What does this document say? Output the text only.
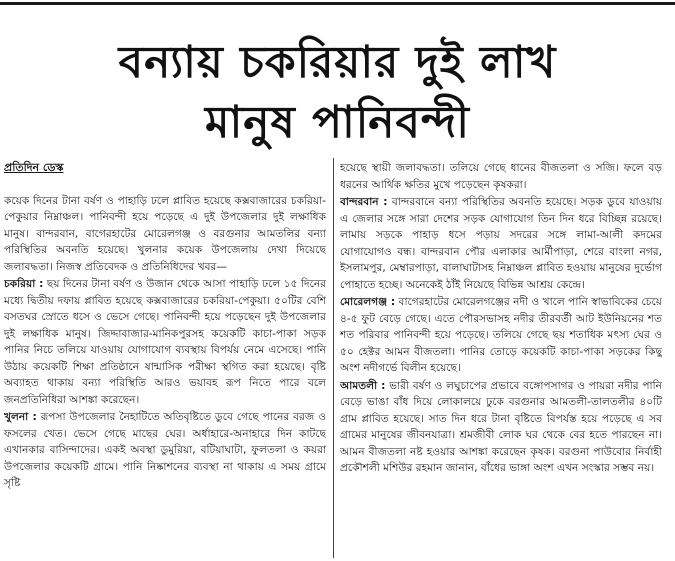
বন্যায় চকরিয়ার দুই লাখ
মানুষ পানিবন্দী
প্রতিদিন ডেস্ক

কয়েক দিনের টানা বর্ষণ ও পাহাড়ি ঢলে প্লাবিত হয়েছে কক্সবাজারের চকরিয়া-পেকুয়ার নিম্নাঞ্চল। পানিবন্দী হয়ে পড়েছে এ দুই উপজেলার দুই লক্ষাধিক মানুষ। বান্দরবান, বাগেরহাটের মোরেলগঞ্জ ও বরগুনার আমতলির বন্যা পরিস্থিতির অবনতি হয়েছে। খুলনার কয়েক উপজেলায় দেখা দিয়েছে জলাবদ্ধতা। নিজস্ব প্রতিবেদক ও প্রতিনিধিদের খবর—

চকরিয়া : ছয় দিনের টানা বর্ষণ ও উজান থেকে আসা পাহাড়ি ঢলে ১৫ দিনের মধ্যে দ্বিতীয় দফায় প্লাবিত হয়েছে কক্সবাজারের চকরিয়া-পেকুয়া। ৫০টির বেশি বসতঘর স্রোতে ধসে ও ভেসে গেছে। পানিবন্দী হয়ে পড়েছেন দুই উপজেলার দুই লক্ষাধিক মানুষ। জিদ্দাবাজার-মানিকপুরসহ কয়েকটি কাচা-পাকা সড়ক পানির নিচে তলিয়ে যাওয়ায় যোগাযোগ ব্যবস্থায় বিপর্যয় নেমে এসেছে। পানি উঠায় কয়েকটি শিক্ষা প্রতিষ্ঠানে ষান্মাসিক পরীক্ষা স্থগিত করা হয়েছে। বৃষ্টি অব্যাহত থাকায় বন্যা পরিস্থিতি আরও ভয়াবহ রূপ নিতে পারে বলে জনপ্রতিনিধিরা আশঙ্কা করেছেন।

খুলনা : রূপসা উপজেলার নৈহাটিতে অতিবৃষ্টিতে ডুবে গেছে পানের বরজ ও ফসলের খেত। ভেসে গেছে মাছের ঘের। অর্ধাহারে-অনাহারে দিন কাটছে এখানকার বাসিন্দাদের। একই অবস্থা ডুমুরিয়া, বটিয়াঘাটা, ফুলতলা ও কয়রা উপজেলার কয়েকটি গ্রামে। পানি নিষ্কাশনের ব্যবস্থা না থাকায় এ সময় গ্রামে সৃষ্টি

হয়েছে স্থায়ী জলাবদ্ধতা। তলিয়ে গেছে ধানের বীজতলা ও সজি। ফলে বড় ধরনের আর্থিক ক্ষতির মুখে পড়েছেন কৃষকরা।

বান্দরবান : বান্দরবানে বন্যা পরিস্থিতির অবনতি হয়েছে। সড়ক ডুবে যাওয়ায় এ জেলার সঙ্গে সারা দেশের সড়ক যোগাযোগ তিন দিন ধরে বিচ্ছিন্ন রয়েছে। লামায় সড়কে পাহাড় ধসে পড়ায় সদরের সঙ্গে লামা-আলী কদমের যোগাযোগও বন্ধ। বান্দরবান পৌর এলাকার আর্মীপাড়া, শেরে বাংলা নগর, ইসলামপুর, মেম্বারপাড়া, বালাঘাটাসহ নিম্নাঞ্চল প্লাবিত হওয়ায় মানুষের দুর্ভোগ পোহাতে হচ্ছে। অনেকেই ঠাঁই নিয়েছে বিভিন্ন আশ্রয় কেন্দ্রে।

মোরেলগঞ্জ : বাগেরহাটের মোরেলগঞ্জের নদী ও খালে পানি স্বাভাবিকের চেয়ে ৪-৫ ফুট বেড়ে গেছে। এতে পৌরসভাসহ নদীর তীরবর্তী আট ইউনিয়নের শত শত পরিবার পানিবন্দী হয়ে পড়েছে। তলিয়ে গেছে ছয় শতাধিক মৎস্য ঘের ও ৫০ হেক্টর আমন বীজতলা। পানির তোড়ে কয়েকটি কাচা-পাকা সড়কের কিছু অংশ নদীগর্ভে বিলীন হয়েছে।

আমতলী : ভারী বর্ষণ ও লঘুচাপের প্রভাবে বঙ্গোপসাগর ও পায়রা নদীর পানি বেড়ে ভাঙা বাঁধ দিয়ে লোকালয়ে ঢুকে বরগুনার আমতলী-তালতলীর ৪০টি গ্রাম প্লাবিত হয়েছে। সাত দিন ধরে টানা বৃষ্টিতে বিপর্যস্ত হয়ে পড়েছে এ সব গ্রামের মানুষের জীবনযাত্রা। শ্রমজীবী লোক ঘর থেকে বের হতে পারছেন না। আমন বীজতলা নষ্ট হওয়ার আশঙ্কা করেছেন কৃষক। বরগুনা পাউবোর নির্বাহী প্রকৌশলী মশিউর রহমান জানান, বাঁধের ভাঙ্গা অংশ এখন সংস্কার সম্ভব নয়।
